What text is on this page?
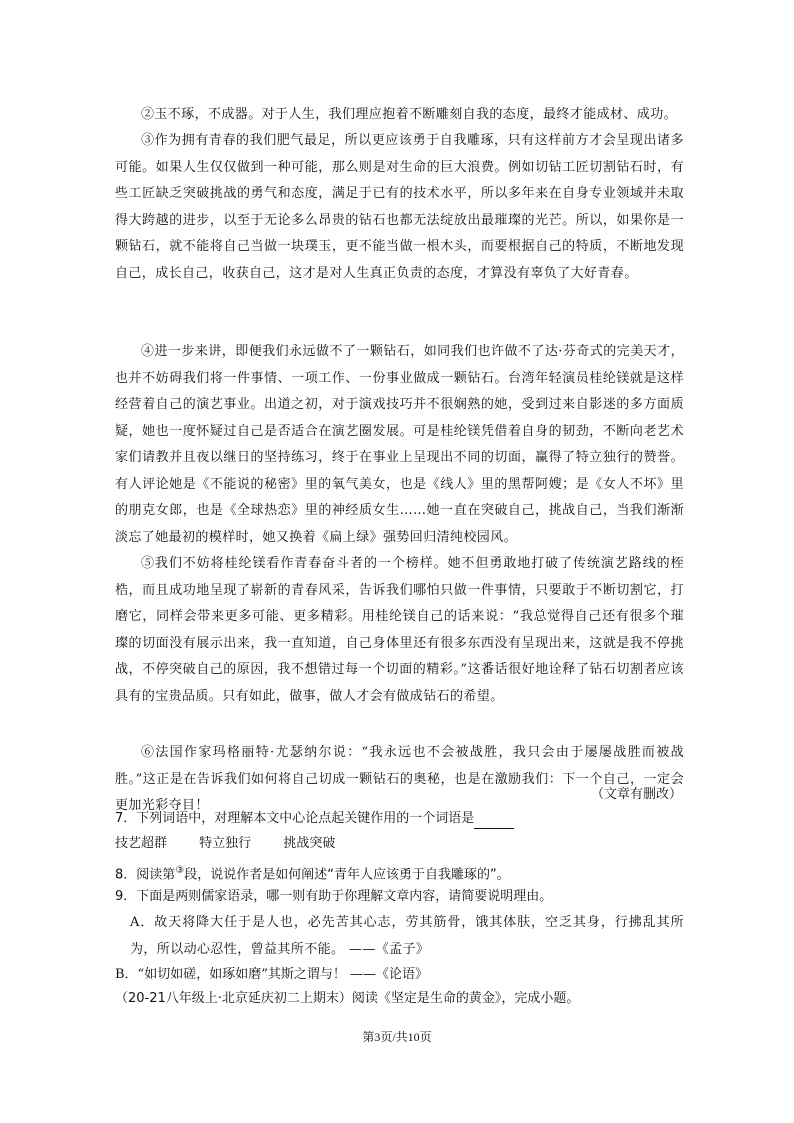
②玉不琢，不成器。对于人生，我们理应抱着不断雕刻自我的态度，最终才能成材、成功。

③作为拥有青春的我们肥气最足，所以更应该勇于自我雕琢，只有这样前方才会呈现出诸多可能。如果人生仅仅做到一种可能，那么则是对生命的巨大浪费。例如切钻工匠切割钻石时，有些工匠缺乏突破挑战的勇气和态度，满足于已有的技术水平，所以多年来在自身专业领域并未取得大跨越的进步，以至于无论多么昂贵的钻石也都无法绽放出最璀璨的光芒。所以，如果你是一颗钻石，就不能将自己当做一块璞玉，更不能当做一根木头，而要根据自己的特质，不断地发现自己，成长自己，收获自己，这才是对人生真正负责的态度，才算没有辜负了大好青春。

④进一步来讲，即便我们永远做不了一颗钻石，如同我们也许做不了达·芬奇式的完美天才，也并不妨碍我们将一件事情、一项工作、一份事业做成一颗钻石。台湾年轻演员桂纶镁就是这样经营着自己的演艺事业。出道之初，对于演戏技巧并不很娴熟的她，受到过来自影迷的多方面质疑，她也一度怀疑过自己是否适合在演艺圈发展。可是桂纶镁凭借着自身的韧劲，不断向老艺术家们请教并且夜以继日的坚持练习，终于在事业上呈现出不同的切面，赢得了特立独行的赞誉。有人评论她是《不能说的秘密》里的氧气美女，也是《线人》里的黑帮阿嫂；是《女人不坏》里的朋克女郎，也是《全球热恋》里的神经质女生……她一直在突破自己，挑战自己，当我们渐渐淡忘了她最初的模样时，她又换着《扁上绿》强势回归清纯校园风。

⑤我们不妨将桂纶镁看作青春奋斗者的一个榜样。她不但勇敢地打破了传统演艺路线的桎梏，而且成功地呈现了崭新的青春风采，告诉我们哪怕只做一件事情，只要敢于不断切割它，打磨它，同样会带来更多可能、更多精彩。用桂纶镁自己的话来说：“我总觉得自己还有很多个璀璨的切面没有展示出来，我一直知道，自己身体里还有很多东西没有呈现出来，这就是我不停挑战，不停突破自己的原因，我不想错过每一个切面的精彩。”这番话很好地诠释了钻石切割者应该具有的宝贵品质。只有如此，做事，做人才会有做成钻石的希望。

⑥法国作家玛格丽特·尤瑟纳尔说：“我永远也不会被战胜，我只会由于屡屡战胜而被战胜。”这正是在告诉我们如何将自己切成一颗钻石的奥秘，也是在激励我们：下一个自己，一定会更加光彩夺目！

（文章有删改）
7．下列词语中，对理解本文中心论点起关键作用的一个词语是
技艺超群 特立独行 挑战突破
8．阅读第③段，说说作者是如何阐述“青年人应该勇于自我雕琢的”。
9．下面是两则儒家语录，哪一则有助于你理解文章内容，请简要说明理由。

A．故天将降大任于是人也，必先苦其心志，劳其筋骨，饿其体肤，空乏其身，行拂乱其所为，所以动心忍性，曾益其所不能。 ——《孟子》

B．“如切如磋，如琢如磨”其斯之谓与！ ——《论语》
（20-21八年级上·北京延庆初二上期末）阅读《坚定是生命的黄金》，完成小题。
第3页/共10页
